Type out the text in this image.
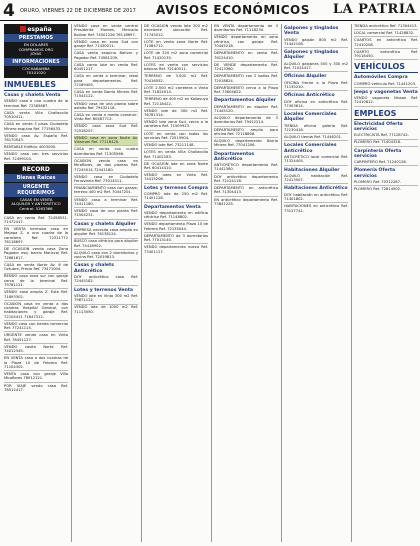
4 ORURO, VIERNES 22 DE DICIEMBRE DE 2017 AVISOS ECONÓMICOS LA PATRIA
españa
PRESTAMOS
EN DOLARES
COMPRAMOS ORO
JOYAS
INFORMACIONES
COCHABAMBA
70101020
INMUEBLES
Casas y chalets Venta
VENDO casa a una cuadra de la terminal Ref. 72385687.
CASA venta Villa Challacollo 70510411.
CASA en venta 3 pisos Ciudadela Minero esquina Ref. 77156433.
VENDO casa Av. España Ref. 76170543.
RENTABLE Edificio 4003000.
VENDO casa con tres servicios Ref. 72499104.
RECORD
Bienes Raíces
URGENTE REQUERIMOS
CASAS EN VENTA
ALQUILER Y ANTICRÉTICO
Central: 5263366
CASA en venta Ref. 72458531. 71472417.
EN VENTA hermosa casa en Mejapa Z. a una cuadra de la carretera Ref. 72321772 76118697.
DE OCASION vendo casa Zona Pagador esq. barrio Mariscal Ref. 72681617.
CASA en venta Norte Av. 6 de Octubre, Precio Ref. 73471004.
RENDO casa zona sur con garaje cerca de la terminal Ref. 79781121.
VENDO casa amplia Z. Este Ref. 71893302.
OCASION casa en venta a dos cuadras Hospital General, con habitaciones y garaje Ref. 72104411 71847312.
VENDO casa con tienda comercial Ref. 77241115.
URGENTE vendo casa en Vinto Ref. 78451127.
VENDO casita Norte Ref. 74012345.
EN VENTA casa a dos cuadras de la Plaza 10 de Febrero Ref. 71104302.
VENTA casa con garaje Villa Miraflores 78912121.
POR VIAJE vendo casa Ref. 78512417.
VENDO casa en venta central Presidente Montes, Mercado Bolívar Ref. 74501226 76118697.
VENDO casa en zona Sud con garaje Ref. 71430011.
CASA venta esquina Bolívar y Pagador Ref. 74581209.
CASA como lote en venta Ref. 60451217.
CASA en venta a terminar, ideal para departamentos Ref. 72189405.
CASA en venta Barrio Minero Ref. 71544122.
VENDO casa de una planta sobre asfalto Ref. 79432118.
CASA en venta a medio construir, Vinto Ref. 60487713.
VENDO casa zona Sud Ref. 72518207.
VENDO casa en zona Norte Av. Villarroel Ref. 77118420.
CASA en venta con cuatro dormitorios Ref. 71305566.
OCASION vendo casa en Miraflores, de dos plantas Ref. 77245014 72441180.
VENDO casa en Ciudadela Ferroviaria Ref. 73014511.
FINANCIAMIENTO casa con garaje, terreno 400 m2 Ref. 70447201.
VENDO casa a terminar Ref. 74411180.
VENDO casa de una planta Ref. 71504231.
Casas y chalets Alquiler
EMPRESA necesita casa amplia en alquiler Ref. 76138124.
BUSCO casa céntrica para alquiler Ref. 74418902.
ALQUILO casa con 2 dormitorios y cocina Ref. 72019813.
Casas y chalets Anticrético
DOY anticrético casa Ref. 72445182.
Lotes y terrenos Venta
VENDO lote en Vinto 300 m2 Ref. 79871122.
VENDO lote de 1000 m2 Ref. 71113050.
DE OCASION vendo lote 200 m2 excelente ubicación Ref. 71745012.
LOTE en venta zona Norte Ref. 71084712.
LOTE de 320 m2 zona comercial Ref. 71420135.
LOTES en venta con servicios básicos Ref. 72140511.
TERRENO de 3.000 m2 Ref. 70416552.
LOTE 2.500 m2 carretera a Vinto Ref. 71824014.
TERRENO de 400 m2 en Kollasuyo Ref. 72118422.
VENDO lote de 300 m2 Ref. 76781314.
VENDO lote zona Sud, cerca a la carretera Ref. 71509923.
LOTE en venta con todos los servicios Ref. 72519904.
VENDO lote Ref. 73211148.
LOTES en venta Villa Challacollo Ref. 71402183.
DE OCASION lote en zona Norte Ref. 60414410.
VENDO lotes en Vinto Ref. 74415206.
Lotes y terrenos Compra
COMPRO lote de 250 m2 Ref. 71401128.
Departamentos Venta
VENDO departamento en edificio céntrico Ref. 71148802.
VENDO departamento Plaza 10 de Febrero Ref. 72135044.
DEPARTAMENTO de 3 dormitorios Ref. 77013140.
VENDO departamento nuevo Ref. 73401127.
EN VENTA departamento de 3 dormitorios Ref. 71118230.
VENDO departamento en zona céntrica, con garaje Ref. 70445218.
DEPARTAMENTO en venta Ref. 76124410.
DE VENDE departamento Ref. 72413380.
DEPARTAMENTO con 2 baños Ref. 72018824.
DEPARTAMENTO cerca a la Plaza Ref. 73604822.
Departamentos Alquiler
DEPARTAMENTO en alquiler Ref. 71445120.
ALQUILO departamento de 3 dormitorios Ref. 79412214.
DEPARTAMENTO amplio para oficina Ref. 72118806.
ALQUILO departamento Barrio Minero Ref. 77041206.
Departamentos Anticrético
ANTICRÉTICO departamento Ref. 71442380.
DOY anticrético departamento Ref. 72124118.
DEPARTAMENTO en anticrético Ref. 71304413.
EN anticrético departamento Ref. 73841225.
Galpones y tinglados Venta
VENDO galpón 800 m2 Ref. 71442108.
Galpones y tinglados Alquiler
ALQUILO galpones 500 y 300 m2 Ref. 71024417.
Oficinas Alquiler
OFICINA frente a la Plaza Ref. 71135210.
Oficinas Anticrético
DOY oficina en anticrético Ref. 77403614.
Locales Comerciales Alquiler
TIENDA oficina galería Ref. 72130418.
ALQUILO tienda Ref. 71446201.
Locales Comerciales Anticrético
ANTICRÉTICO local comercial Ref. 71324405.
Habitaciones Alquiler
ALQUILO habitación Ref. 72413507.
Habitaciones Anticrético
DOY habitación en anticrético Ref. 71401802.
HABITACIONES en anticrético Ref. 73127741.
TIENDA anticrético Ref. 71304413.
LOCAL comercial Ref. 71428832.
CUARTOS en anticrético Ref. 72410208.
CUARTO anticrético Ref. 79118450.
VEHÍCULOS
Automóviles Compra
COMPRO vehículo Ref. 71441203.
Jeeps y vagonetas Venta
VENDO vagoneta Nissan Ref. 72410812.
EMPLEOS
Electricidad Oferta servicios
ELECTRICISTA Ref. 77128742.
PLOMERO Ref. 71404328.
Carpintería Oferta servicios
CARPINTERO Ref. 71240126.
Plomería Oferta servicios
PLOMERO Ref. 70312287.
PLOMERO Ref. 72814502.
